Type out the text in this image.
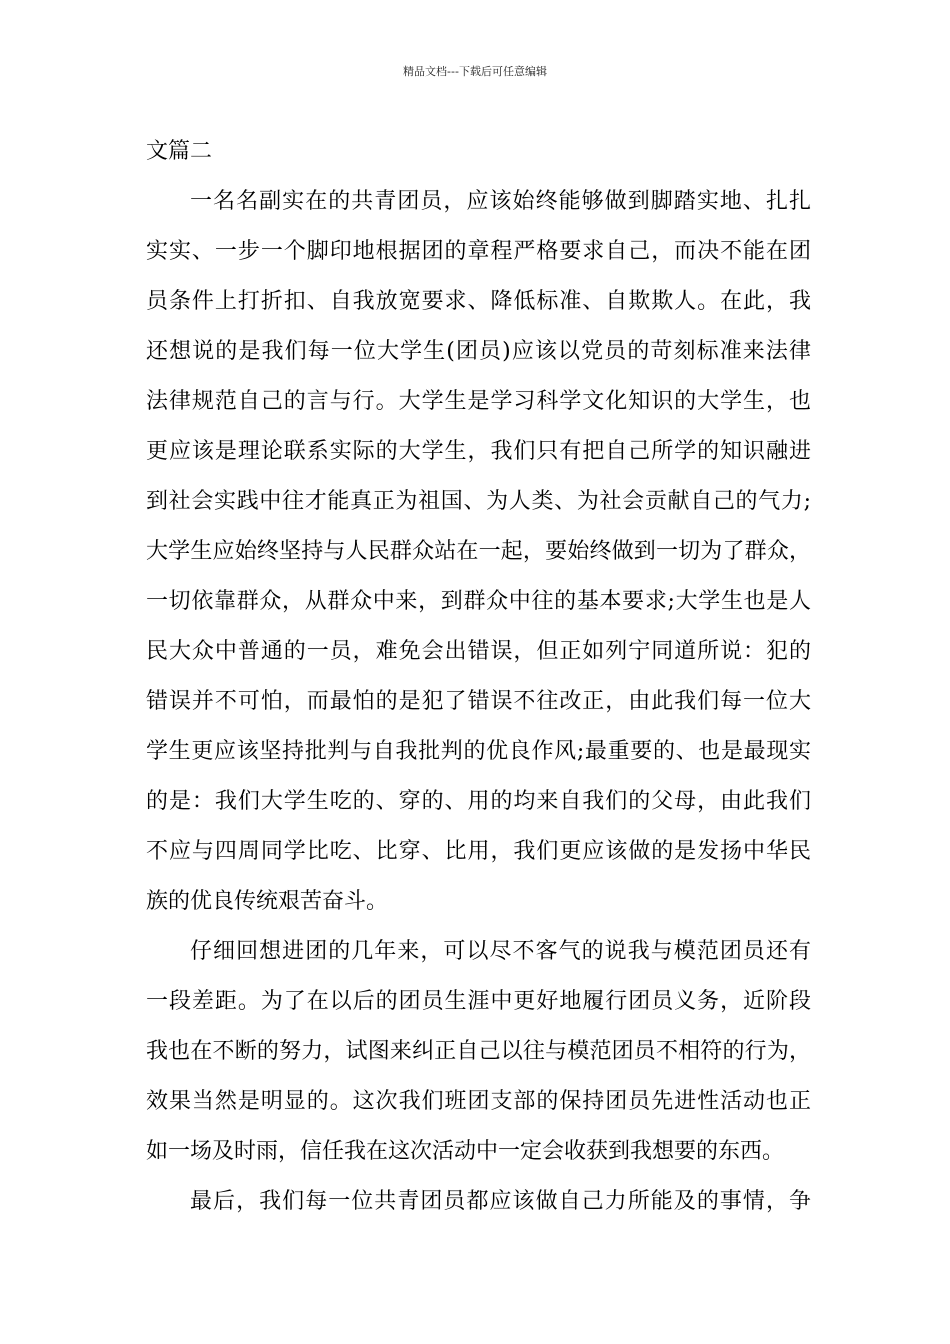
精品文档---下载后可任意编辑
文篇二
一名名副实在的共青团员，应该始终能够做到脚踏实地、扎扎
实实、一步一个脚印地根据团的章程严格要求自己，而决不能在团
员条件上打折扣、自我放宽要求、降低标准、自欺欺人。在此，我
还想说的是我们每一位大学生(团员)应该以党员的苛刻标准来法律
法律规范自己的言与行。大学生是学习科学文化知识的大学生，也
更应该是理论联系实际的大学生，我们只有把自己所学的知识融进
到社会实践中往才能真正为祖国、为人类、为社会贡献自己的气力;
大学生应始终坚持与人民群众站在一起，要始终做到一切为了群众，
一切依靠群众，从群众中来，到群众中往的基本要求;大学生也是人
民大众中普通的一员，难免会出错误，但正如列宁同道所说：犯的
错误并不可怕，而最怕的是犯了错误不往改正，由此我们每一位大
学生更应该坚持批判与自我批判的优良作风;最重要的、也是最现实
的是：我们大学生吃的、穿的、用的均来自我们的父母，由此我们
不应与四周同学比吃、比穿、比用，我们更应该做的是发扬中华民
族的优良传统艰苦奋斗。
仔细回想进团的几年来，可以尽不客气的说我与模范团员还有
一段差距。为了在以后的团员生涯中更好地履行团员义务，近阶段
我也在不断的努力，试图来纠正自己以往与模范团员不相符的行为，
效果当然是明显的。这次我们班团支部的保持团员先进性活动也正
如一场及时雨，信任我在这次活动中一定会收获到我想要的东西。
最后，我们每一位共青团员都应该做自己力所能及的事情，争
